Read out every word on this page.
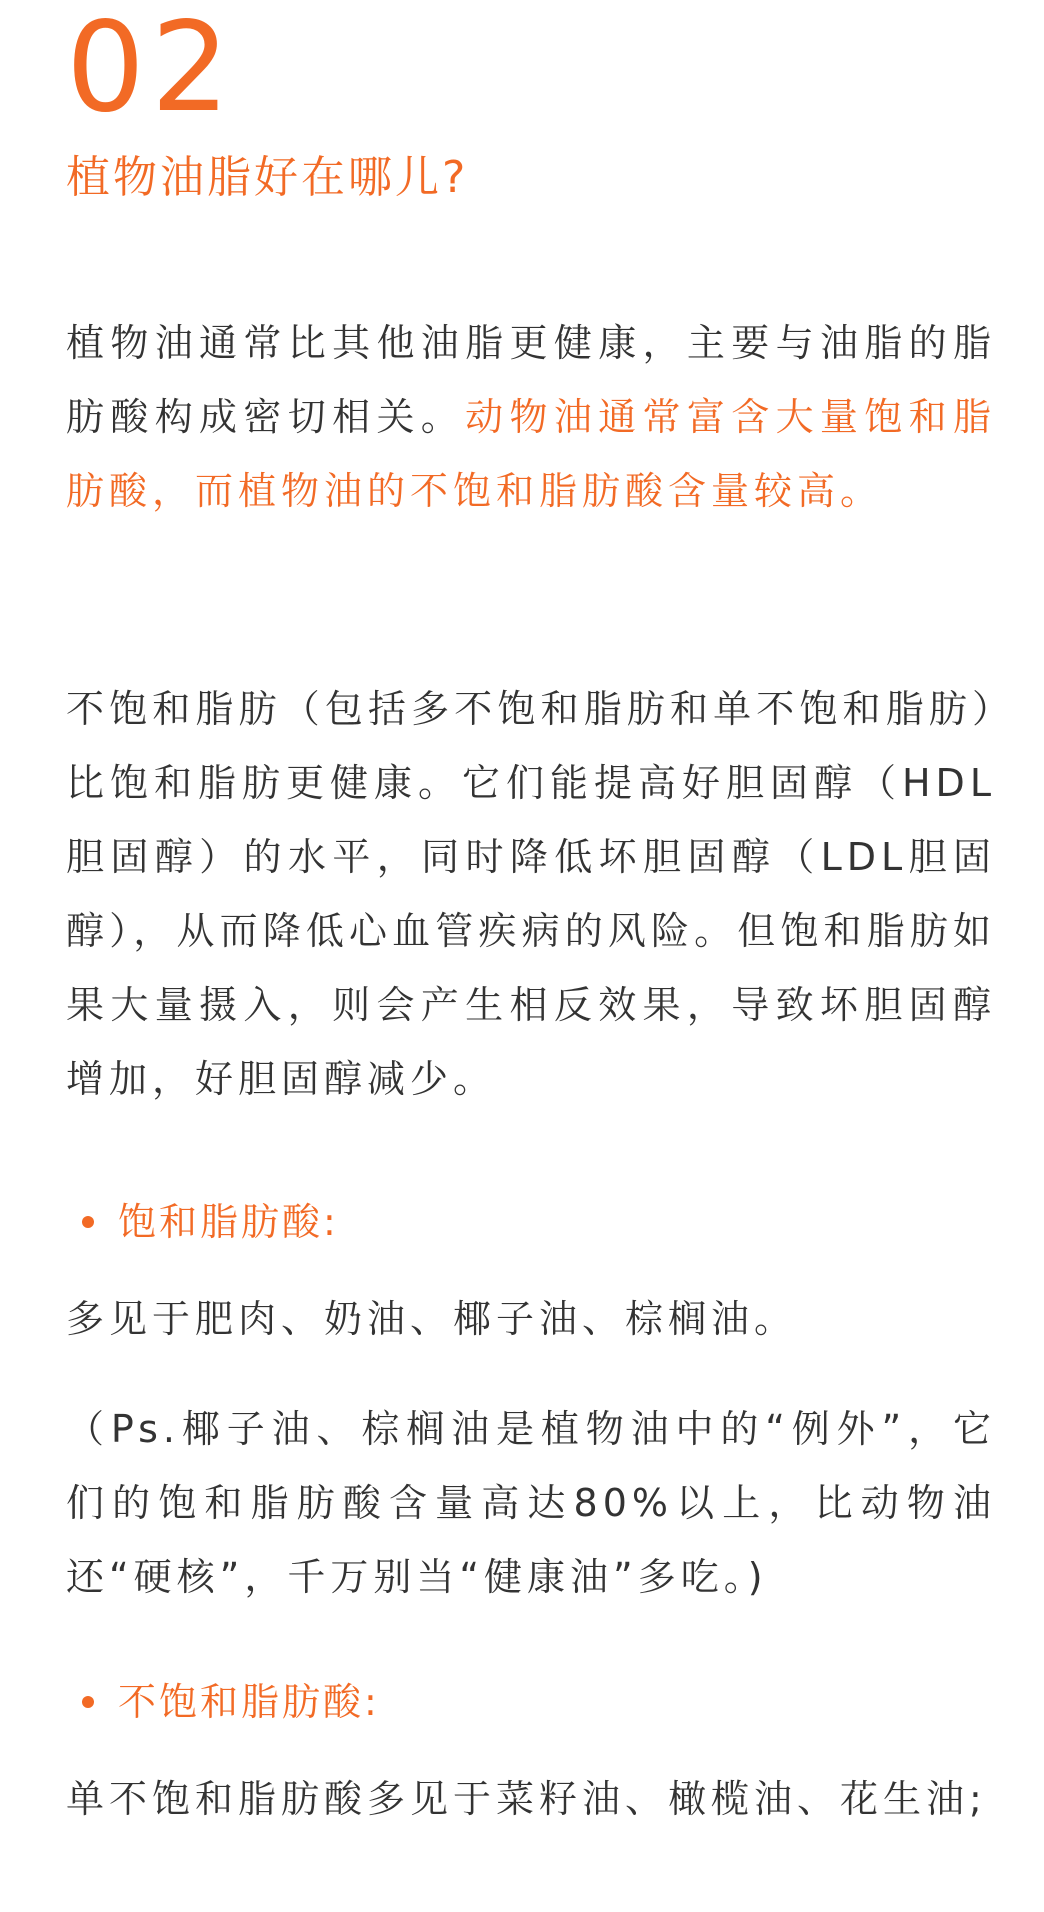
02
植物油脂好在哪儿?

植物油通常比其他油脂更健康，主要与油脂的脂肪酸构成密切相关。动物油通常富含大量饱和脂肪酸，而植物油的不饱和脂肪酸含量较高。

不饱和脂肪（包括多不饱和脂肪和单不饱和脂肪）比饱和脂肪更健康。它们能提高好胆固醇（HDL胆固醇）的水平，同时降低坏胆固醇（LDL胆固醇），从而降低心血管疾病的风险。但饱和脂肪如果大量摄入，则会产生相反效果，导致坏胆固醇增加，好胆固醇减少。

饱和脂肪酸:

多见于肥肉、奶油、椰子油、棕榈油。

（Ps.椰子油、棕榈油是植物油中的“例外”，它们的饱和脂肪酸含量高达80%以上，比动物油还“硬核”，千万别当“健康油”多吃。)

不饱和脂肪酸:

单不饱和脂肪酸多见于菜籽油、橄榄油、花生油;
